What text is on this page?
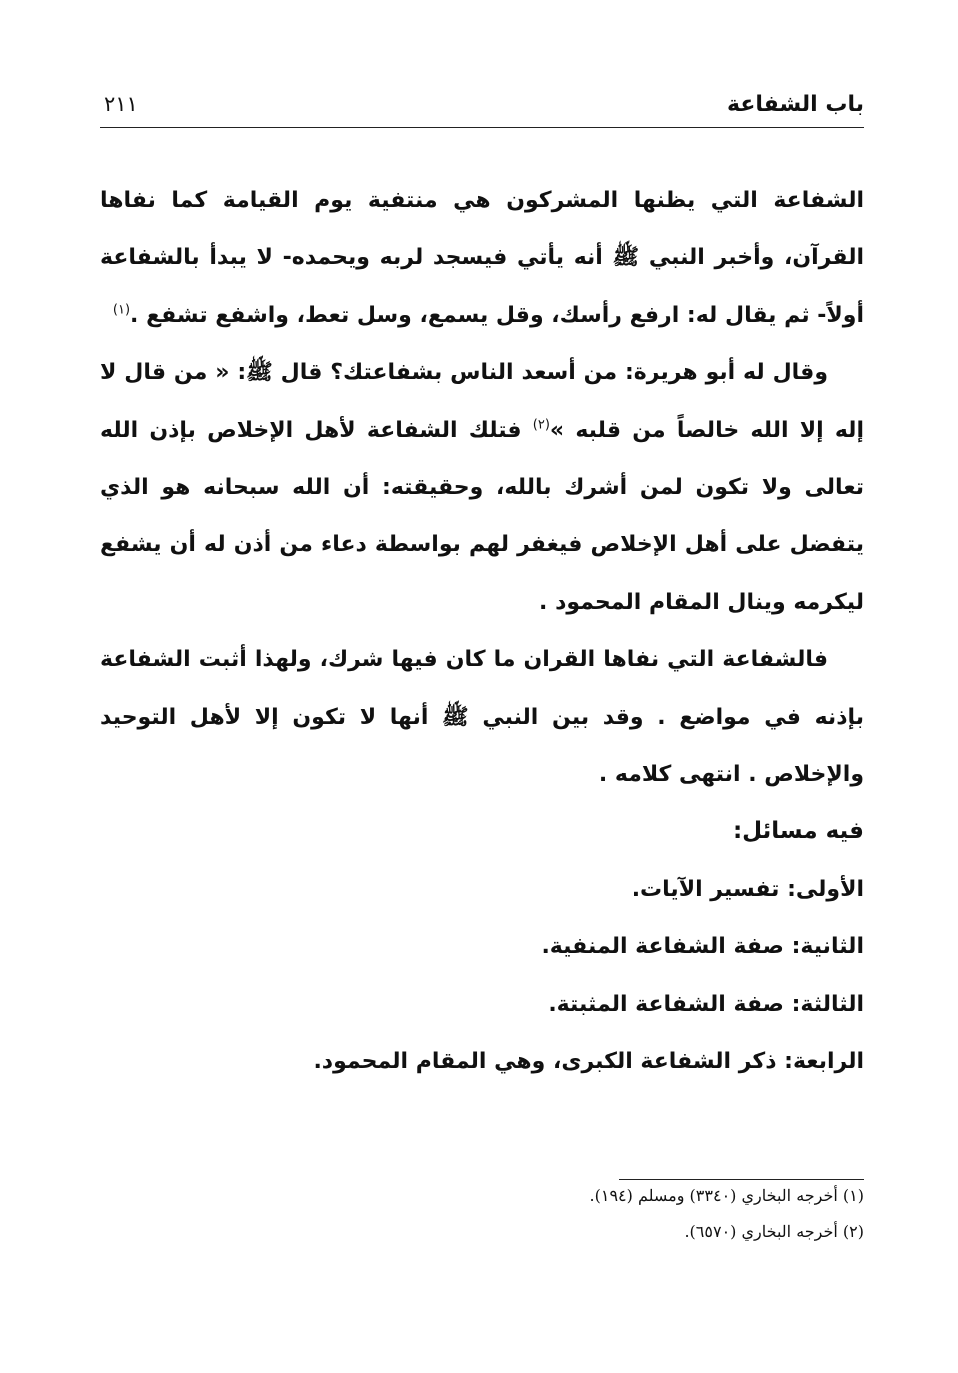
باب الشفاعة
٢١١

الشفاعة التي يظنها المشركون هي منتفية يوم القيامة كما نفاها القرآن، وأخبر النبي ﷺ أنه يأتي فيسجد لربه ويحمده- لا يبدأ بالشفاعة أولاً- ثم يقال له: ارفع رأسك، وقل يسمع، وسل تعط، واشفع تشفع .$^{(١)}$

وقال له أبو هريرة: من أسعد الناس بشفاعتك؟ قال ﷺ: « من قال لا إله إلا الله خالصاً من قلبه »$^{(٢)}$ فتلك الشفاعة لأهل الإخلاص بإذن الله تعالى ولا تكون لمن أشرك بالله، وحقيقته: أن الله سبحانه هو الذي يتفضل على أهل الإخلاص فيغفر لهم بواسطة دعاء من أذن له أن يشفع ليكرمه وينال المقام المحمود .

فالشفاعة التي نفاها القران ما كان فيها شرك، ولهذا أثبت الشفاعة بإذنه في مواضع . وقد بين النبي ﷺ أنها لا تكون إلا لأهل التوحيد والإخلاص . انتهى كلامه .

فيه مسائل:

الأولى: تفسير الآيات.

الثانية: صفة الشفاعة المنفية.

الثالثة: صفة الشفاعة المثبتة.

الرابعة: ذكر الشفاعة الكبرى، وهي المقام المحمود.

(١) أخرجه البخاري (٣٣٤٠) ومسلم (١٩٤).

(٢) أخرجه البخاري (٦٥٧٠).
